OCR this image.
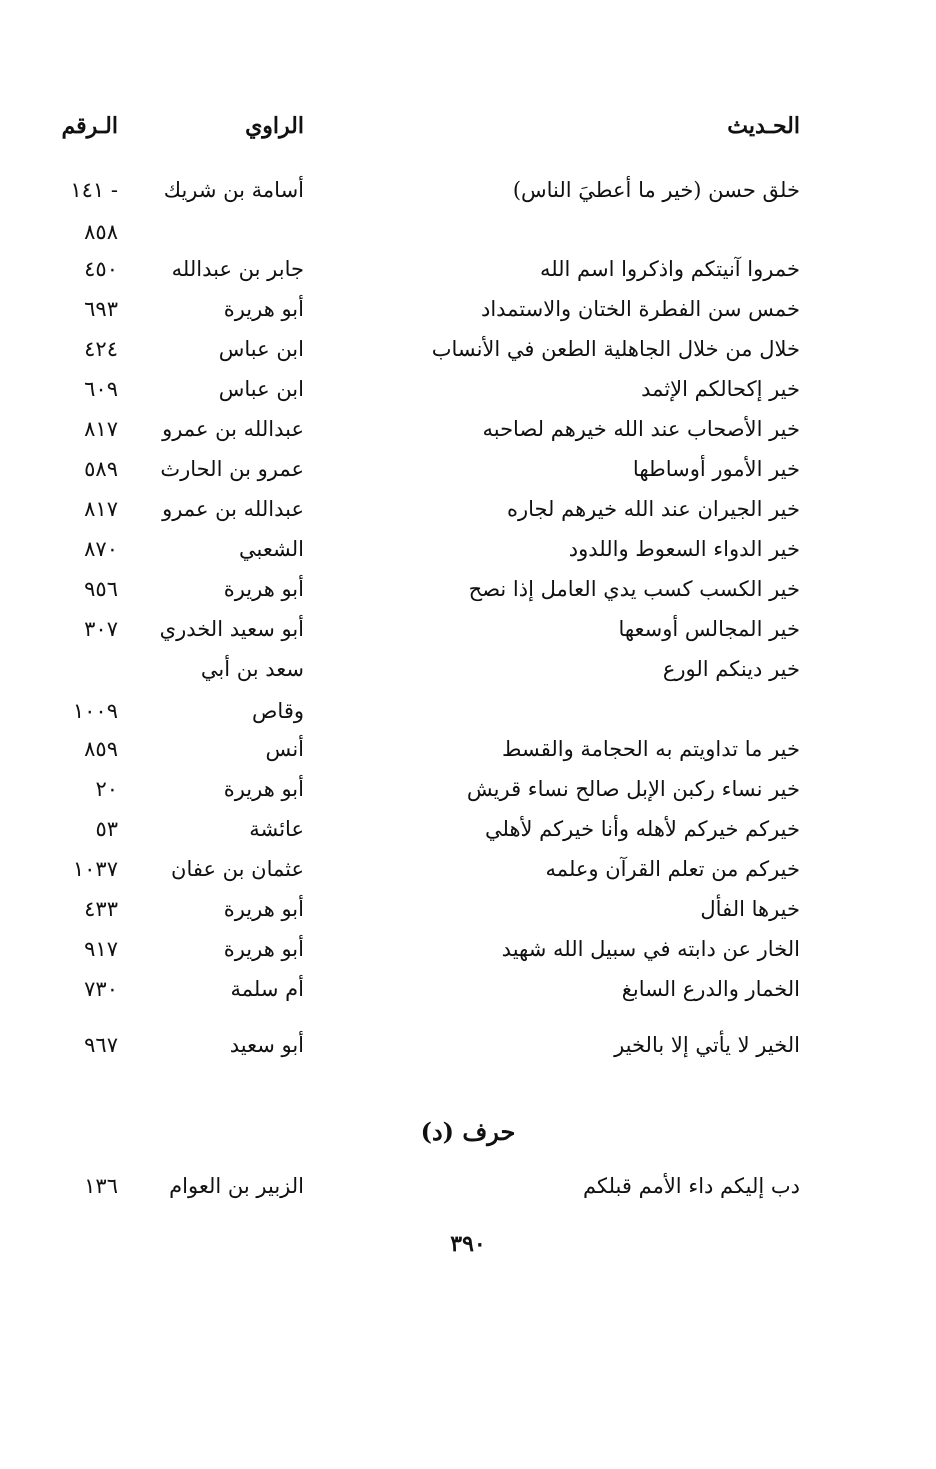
الحـديث
الراوي
الـرقم
خلق حسن (خير ما أعطيَ الناس)
أسامة بن شريك
- ١٤١
٨٥٨
خمروا آنيتكم واذكروا اسم الله
جابر بن عبدالله
٤٥٠
خمس سن الفطرة الختان والاستمداد
أبو هريرة
٦٩٣
خلال من خلال الجاهلية الطعن في الأنساب
ابن عباس
٤٢٤
خير إكحالكم الإثمد
ابن عباس
٦٠٩
خير الأصحاب عند الله خيرهم لصاحبه
عبدالله بن عمرو
٨١٧
خير الأمور أوساطها
عمرو بن الحارث
٥٨٩
خير الجيران عند الله خيرهم لجاره
عبدالله بن عمرو
٨١٧
خير الدواء السعوط واللدود
الشعبي
٨٧٠
خير الكسب كسب يدي العامل إذا نصح
أبو هريرة
٩٥٦
خير المجالس أوسعها
أبو سعيد الخدري
٣٠٧
خير دينكم الورع
سعد بن أبي
وقاص
١٠٠٩
خير ما تداويتم به الحجامة والقسط
أنس
٨٥٩
خير نساء ركبن الإبل صالح نساء قريش
أبو هريرة
٢٠
خيركم خيركم لأهله وأنا خيركم لأهلي
عائشة
٥٣
خيركم من تعلم القرآن وعلمه
عثمان بن عفان
١٠٣٧
خيرها الفأل
أبو هريرة
٤٣٣
الخار عن دابته في سبيل الله شهيد
أبو هريرة
٩١٧
الخمار والدرع السابغ
أم سلمة
٧٣٠
الخير لا يأتي إلا بالخير
أبو سعيد
٩٦٧
حرف (د)
دب إليكم داء الأمم قبلكم
الزبير بن العوام
١٣٦
٣٩٠
